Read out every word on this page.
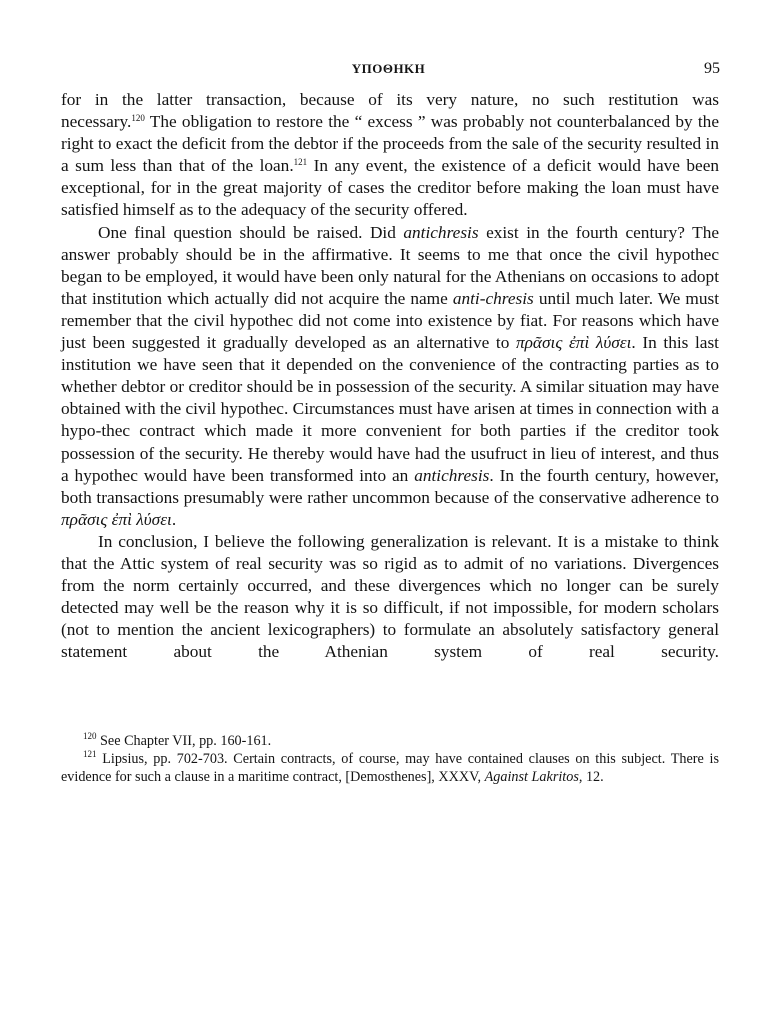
ΥΠΟΘΗΚΗ	95

for in the latter transaction, because of its very nature, no such restitution was

necessary.$^{120}$ The obligation to restore the “ excess ” was probably not counterbalanced by the right to exact the deficit from the debtor if the proceeds from the sale of the security resulted in a sum less than that of the loan.$^{121}$ In any event, the existence of a deficit would have been exceptional, for in the great majority of cases the creditor before making the loan must have satisfied himself as to the adequacy of the security offered.

One final question should be raised. Did antichresis exist in the fourth century? The answer probably should be in the affirmative. It seems to me that once the civil hypothec began to be employed, it would have been only natural for the Athenians on occasions to adopt that institution which actually did not acquire the name anti-chresis until much later. We must remember that the civil hypothec did not come into existence by fiat. For reasons which have just been suggested it gradually developed as an alternative to πρᾶσις ἐπὶ λύσει. In this last institution we have seen that it depended on the convenience of the contracting parties as to whether debtor or creditor should be in possession of the security. A similar situation may have obtained with the civil hypothec. Circumstances must have arisen at times in connection with a hypo-thec contract which made it more convenient for both parties if the creditor took possession of the security. He thereby would have had the usufruct in lieu of interest, and thus a hypothec would have been transformed into an antichresis. In the fourth century, however, both transactions presumably were rather uncommon because of the conservative adherence to πρᾶσις ἐπὶ λύσει.

In conclusion, I believe the following generalization is relevant. It is a mistake to think that the Attic system of real security was so rigid as to admit of no variations. Divergences from the norm certainly occurred, and these divergences which no longer can be surely detected may well be the reason why it is so difficult, if not impossible, for modern scholars (not to mention the ancient lexicographers) to formulate an absolutely satisfactory general statement about the Athenian system of real security.

$^{120}$ See Chapter VII, pp. 160-161.

$^{121}$ Lipsius, pp. 702-703. Certain contracts, of course, may have contained clauses on this subject. There is evidence for such a clause in a maritime contract, [Demosthenes], XXXV, Against Lakritos, 12.
